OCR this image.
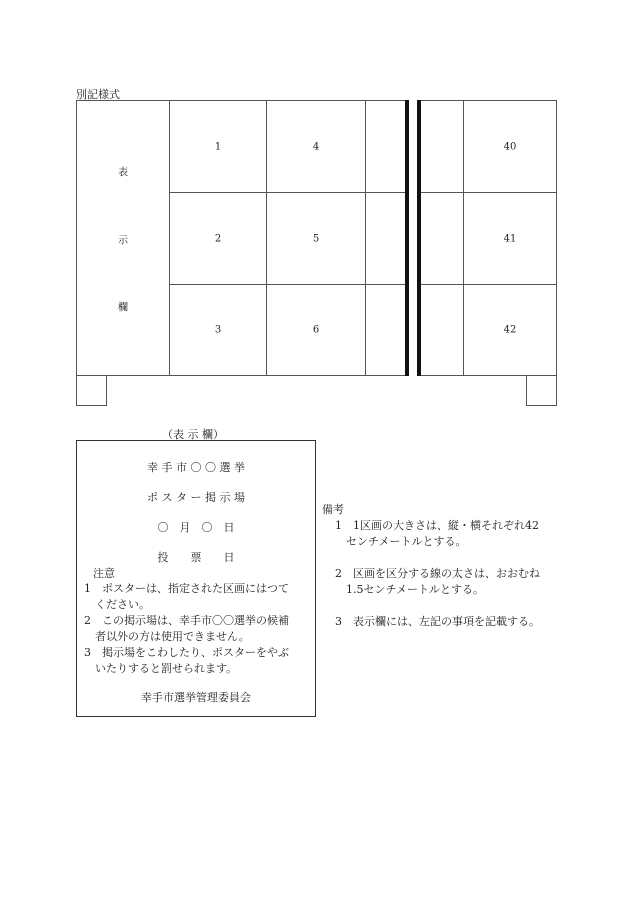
別記様式
表
示
欄
1	4	40
2	5	41
3	6	42
（表 示 欄）
幸 手 市 〇 〇 選 挙
ポ ス タ ー 掲 示 場
〇　月　〇　日
投　　票　　日
注意
1　ポスターは、指定された区画にはつて
ください。
2　この掲示場は、幸手市〇〇選挙の候補
者以外の方は使用できません。
3　掲示場をこわしたり、ポスターをやぶ
いたりすると罰せられます。
幸手市選挙管理委員会
備考
1　1区画の大きさは、縦・横それぞれ42
センチメートルとする。
2　区画を区分する線の太さは、おおむね
1.5センチメートルとする。
3　表示欄には、左記の事項を記載する。
